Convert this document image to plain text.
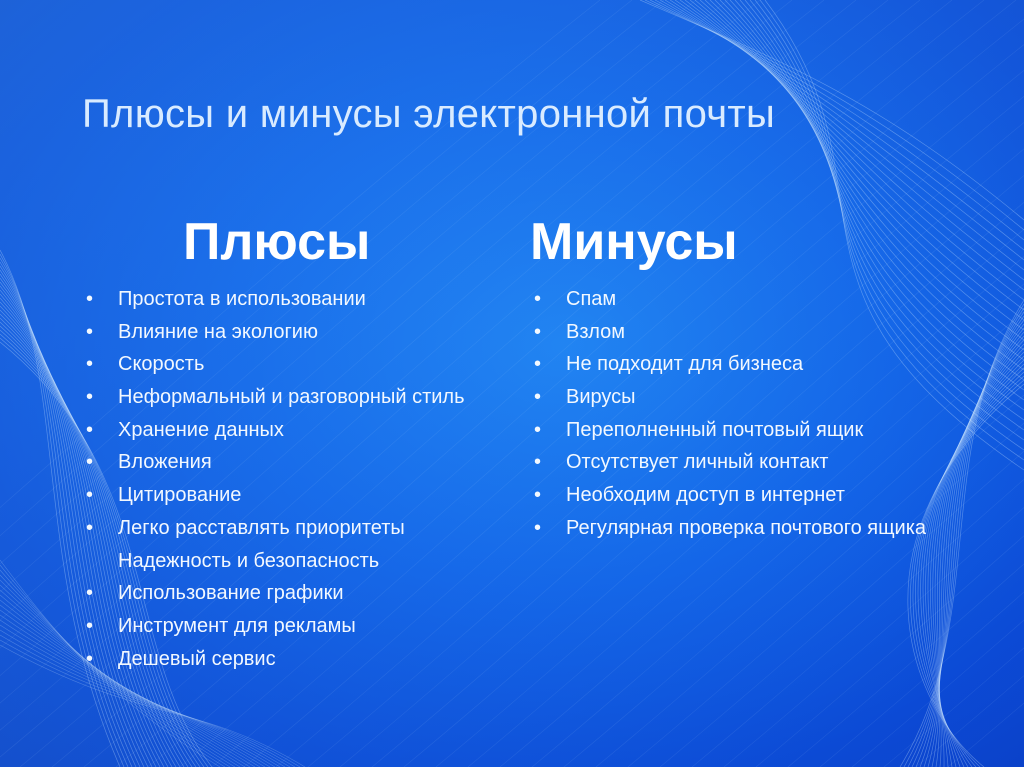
Плюсы и минусы электронной почты
Плюсы	Минусы
• Простота в использовании
• Влияние на экологию
• Скорость
• Неформальный и разговорный стиль
• Хранение данных
• Вложения
• Цитирование
• Легко расставлять приоритеты
Надежность и безопасность
• Использование графики
• Инструмент для рекламы
• Дешевый сервис
• Спам
• Взлом
• Не подходит для бизнеса
• Вирусы
• Переполненный почтовый ящик
• Отсутствует личный контакт
• Необходим доступ в интернет
• Регулярная проверка почтового ящика
